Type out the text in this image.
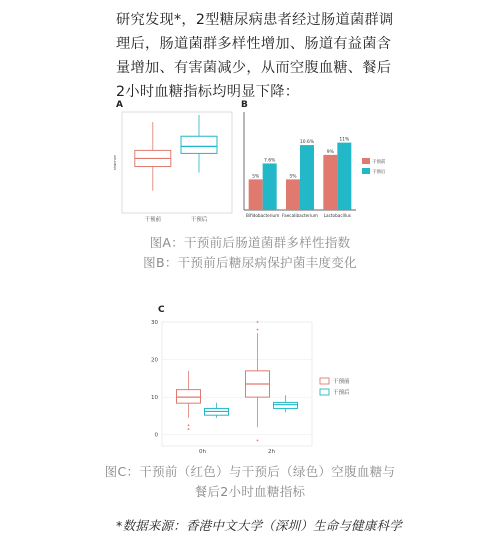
研究发现*，2型糖尿病患者经过肠道菌群调理后，肠道菌群多样性增加、肠道有益菌含量增加、有害菌减少，从而空腹血糖、餐后2小时血糖指标均明显下降：
A
shannon
干预前	干预后
B
5%
7.6%
Bifidobacterium
5%
10.6%
Faecalibacterium
9%
11%
Lactobacillus
干预前
干预后
图A：干预前后肠道菌群多样性指数
图B：干预前后糖尿病保护菌丰度变化
C
0
10
20
30
0h	2h
干预前
干预后
图C：干预前（红色）与干预后（绿色）空腹血糖与
餐后2小时血糖指标
*数据来源：香港中文大学（深圳）生命与健康科学
